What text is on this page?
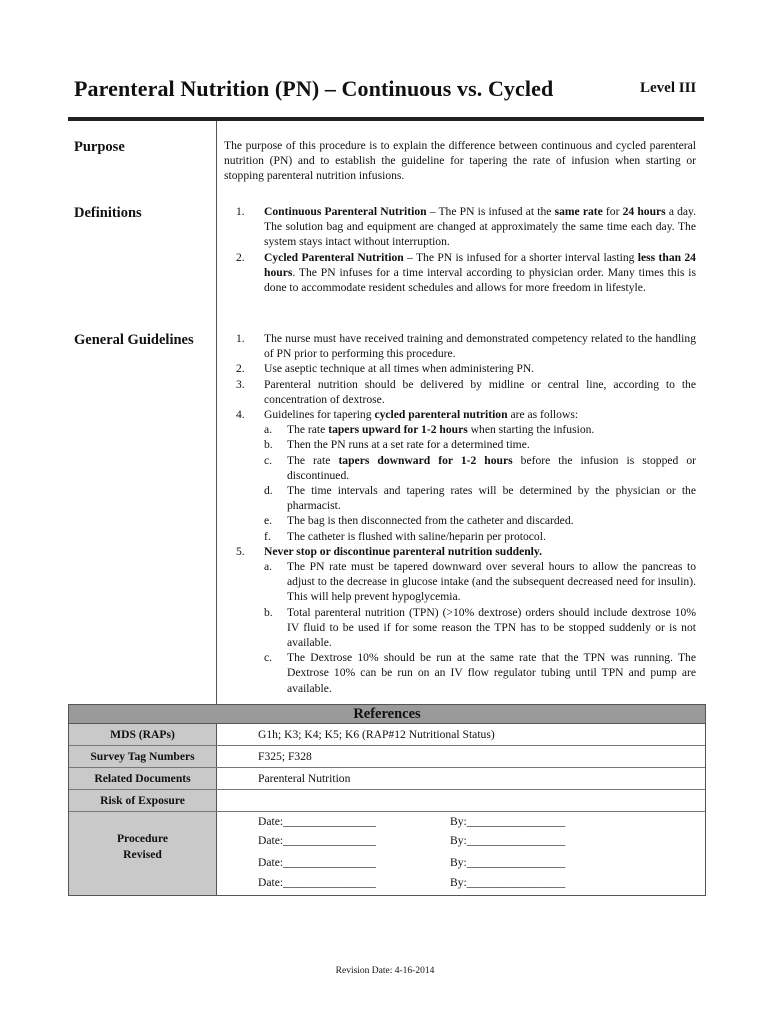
Parenteral Nutrition (PN) – Continuous vs. Cycled	Level III
Purpose	The purpose of this procedure is to explain the difference between continuous and cycled parenteral nutrition (PN) and to establish the guideline for tapering the rate of infusion when starting or stopping parenteral nutrition infusions.
Definitions	1. Continuous Parenteral Nutrition – The PN is infused at the same rate for 24 hours a day. The solution bag and equipment are changed at approximately the same time each day. The system stays intact without interruption.
2. Cycled Parenteral Nutrition – The PN is infused for a shorter interval lasting less than 24 hours. The PN infuses for a time interval according to physician order. Many times this is done to accommodate resident schedules and allows for more freedom in lifestyle.
General Guidelines	1. The nurse must have received training and demonstrated competency related to the handling of PN prior to performing this procedure.
2. Use aseptic technique at all times when administering PN.
3. Parenteral nutrition should be delivered by midline or central line, according to the concentration of dextrose.
4. Guidelines for tapering cycled parenteral nutrition are as follows:
a. The rate tapers upward for 1-2 hours when starting the infusion.
b. Then the PN runs at a set rate for a determined time.
c. The rate tapers downward for 1-2 hours before the infusion is stopped or discontinued.
d. The time intervals and tapering rates will be determined by the physician or the pharmacist.
e. The bag is then disconnected from the catheter and discarded.
f. The catheter is flushed with saline/heparin per protocol.
5. Never stop or discontinue parenteral nutrition suddenly.
a. The PN rate must be tapered downward over several hours to allow the pancreas to adjust to the decrease in glucose intake (and the subsequent decreased need for insulin). This will help prevent hypoglycemia.
b. Total parenteral nutrition (TPN) (>10% dextrose) orders should include dextrose 10% IV fluid to be used if for some reason the TPN has to be stopped suddenly or is not available.
c. The Dextrose 10% should be run at the same rate that the TPN was running. The Dextrose 10% can be run on an IV flow regulator tubing until TPN and pump are available.
References
MDS (RAPs)	G1h; K3; K4; K5; K6 (RAP#12 Nutritional Status)
Survey Tag Numbers	F325; F328
Related Documents	Parenteral Nutrition
Risk of Exposure
Procedure
Revised
Date:________________	By:_________________
Date:________________	By:_________________
Date:________________	By:_________________
Date:________________	By:_________________
Revision Date: 4-16-2014
